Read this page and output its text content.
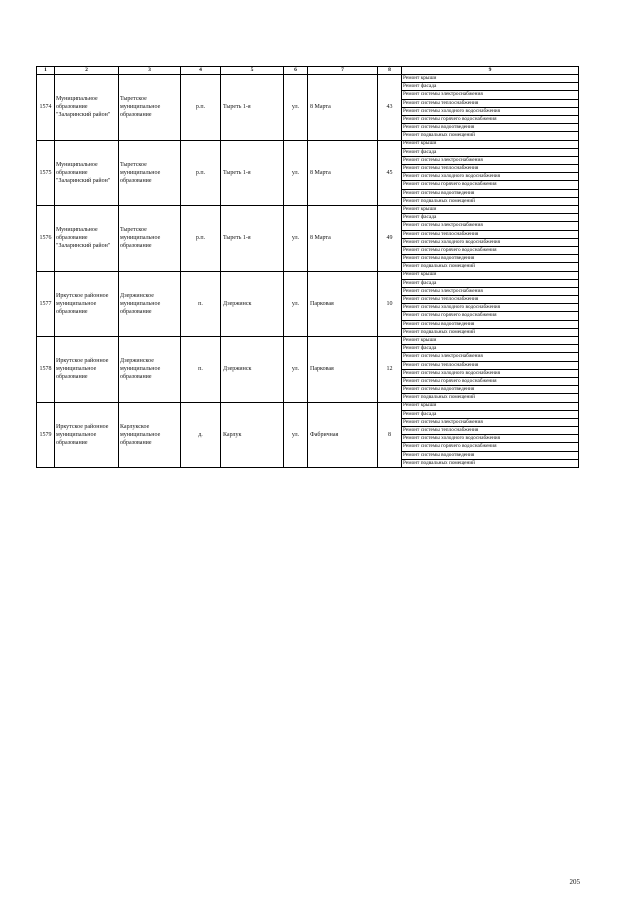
1	2	3	4	5	6	7	8	9
1574	Муниципальное образование "Заларинский район"	Тыретское муниципальное образование	р.п.	Тыреть 1-я	ул.	8 Марта	43	Ремонт крыши
								Ремонт фасада
								Ремонт системы электроснабжения
								Ремонт системы теплоснабжения
								Ремонт системы холодного водоснабжения
								Ремонт системы горячего водоснабжения
								Ремонт системы водоотведения
								Ремонт подвальных помещений
1575	Муниципальное образование "Заларинский район"	Тыретское муниципальное образование	р.п.	Тыреть 1-я	ул.	8 Марта	45	Ремонт крыши
								Ремонт фасада
								Ремонт системы электроснабжения
								Ремонт системы теплоснабжения
								Ремонт системы холодного водоснабжения
								Ремонт системы горячего водоснабжения
								Ремонт системы водоотведения
								Ремонт подвальных помещений
1576	Муниципальное образование "Заларинский район"	Тыретское муниципальное образование	р.п.	Тыреть 1-я	ул.	8 Марта	49	Ремонт крыши
								Ремонт фасада
								Ремонт системы электроснабжения
								Ремонт системы теплоснабжения
								Ремонт системы холодного водоснабжения
								Ремонт системы горячего водоснабжения
								Ремонт системы водоотведения
								Ремонт подвальных помещений
1577	Иркутское районное муниципальное образование	Дзержинское муниципальное образование	п.	Дзержинск	ул.	Парковая	10	Ремонт крыши
								Ремонт фасада
								Ремонт системы электроснабжения
								Ремонт системы теплоснабжения
								Ремонт системы холодного водоснабжения
								Ремонт системы горячего водоснабжения
								Ремонт системы водоотведения
								Ремонт подвальных помещений
1578	Иркутское районное муниципальное образование	Дзержинское муниципальное образование	п.	Дзержинск	ул.	Парковая	12	Ремонт крыши
								Ремонт фасада
								Ремонт системы электроснабжения
								Ремонт системы теплоснабжения
								Ремонт системы холодного водоснабжения
								Ремонт системы горячего водоснабжения
								Ремонт системы водоотведения
								Ремонт подвальных помещений
1579	Иркутское районное муниципальное образование	Карлукское муниципальное образование	д.	Карлук	ул.	Фабричная	8	Ремонт крыши
								Ремонт фасада
								Ремонт системы электроснабжения
								Ремонт системы теплоснабжения
								Ремонт системы холодного водоснабжения
								Ремонт системы горячего водоснабжения
								Ремонт системы водоотведения
								Ремонт подвальных помещений
205
